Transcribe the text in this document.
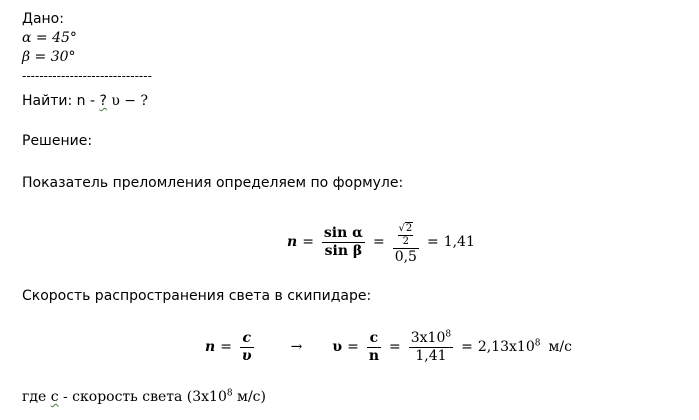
Дано:
α = 45°
β = 30°
------------------------------
Найти: n - ? υ − ?
Решение:
Показатель преломления определяем по формуле:
$n = \frac{\text{sin α}}{\text{sin β}} = \frac{\frac{√2}{2}}{0,5} = 1,41$
Скорость распространения света в скипидаре:
$n = \frac{c}{\upsilon}$	→ $\upsilon = \frac{c}{n} = \frac{3x10^8}{1,41} = 2,13x10^8$ м/с
где с - скорость света ($3x10^8$ м/с)
